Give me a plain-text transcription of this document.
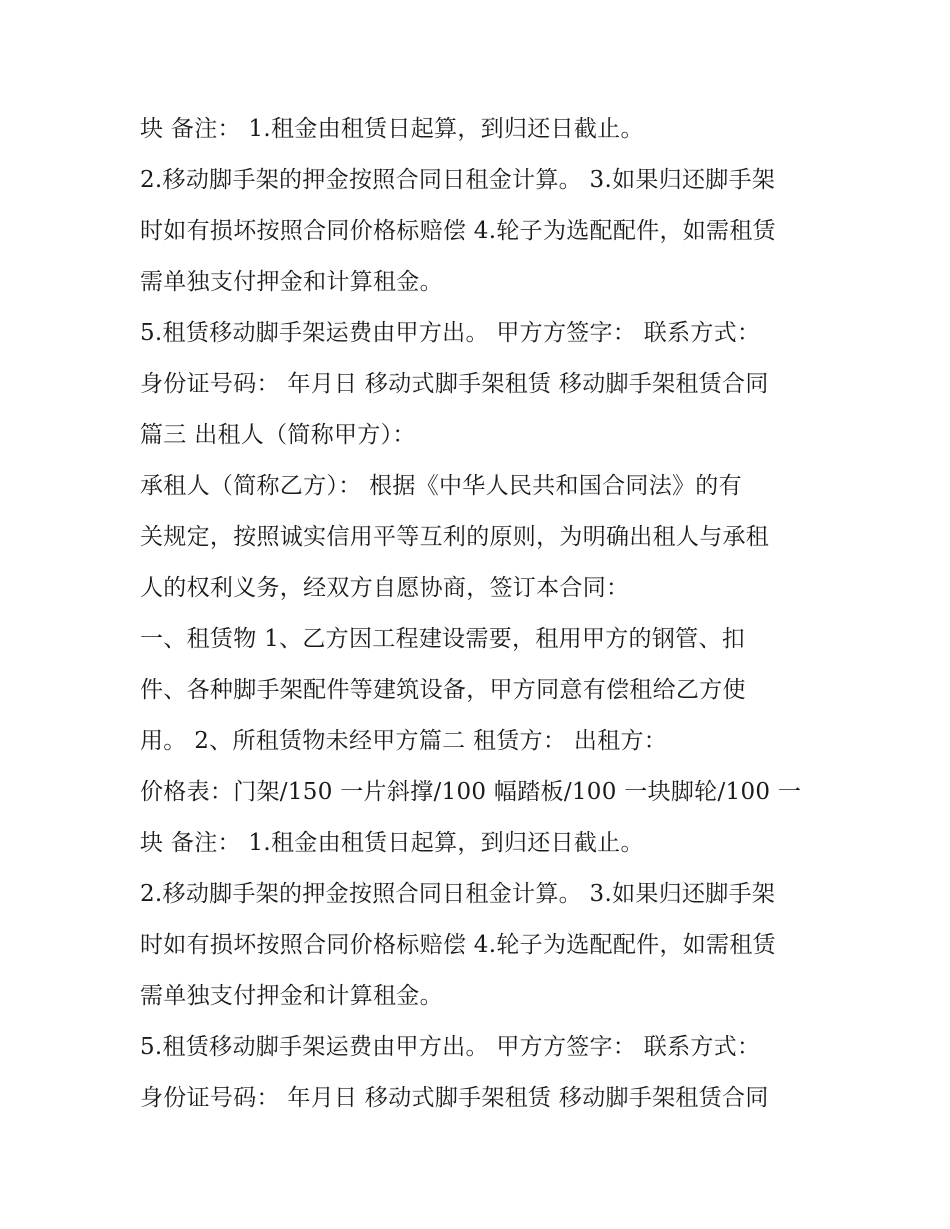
块 备注： 1.租金由租赁日起算，到归还日截止。
2.移动脚手架的押金按照合同日租金计算。 3.如果归还脚手架
时如有损坏按照合同价格标赔偿 4.轮子为选配配件，如需租赁
需单独支付押金和计算租金。
5.租赁移动脚手架运费由甲方出。 甲方方签字： 联系方式：
身份证号码： 年月日 移动式脚手架租赁 移动脚手架租赁合同
篇三 出租人（简称甲方）：
承租人（简称乙方）： 根据《中华人民共和国合同法》的有
关规定，按照诚实信用平等互利的原则，为明确出租人与承租
人的权利义务，经双方自愿协商，签订本合同：
一、租赁物 1、乙方因工程建设需要，租用甲方的钢管、扣
件、各种脚手架配件等建筑设备，甲方同意有偿租给乙方使
用。 2、所租赁物未经甲方篇二 租赁方： 出租方：
价格表：门架/150 一片斜撑/100 幅踏板/100 一块脚轮/100 一
块 备注： 1.租金由租赁日起算，到归还日截止。
2.移动脚手架的押金按照合同日租金计算。 3.如果归还脚手架
时如有损坏按照合同价格标赔偿 4.轮子为选配配件，如需租赁
需单独支付押金和计算租金。
5.租赁移动脚手架运费由甲方出。 甲方方签字： 联系方式：
身份证号码： 年月日 移动式脚手架租赁 移动脚手架租赁合同
